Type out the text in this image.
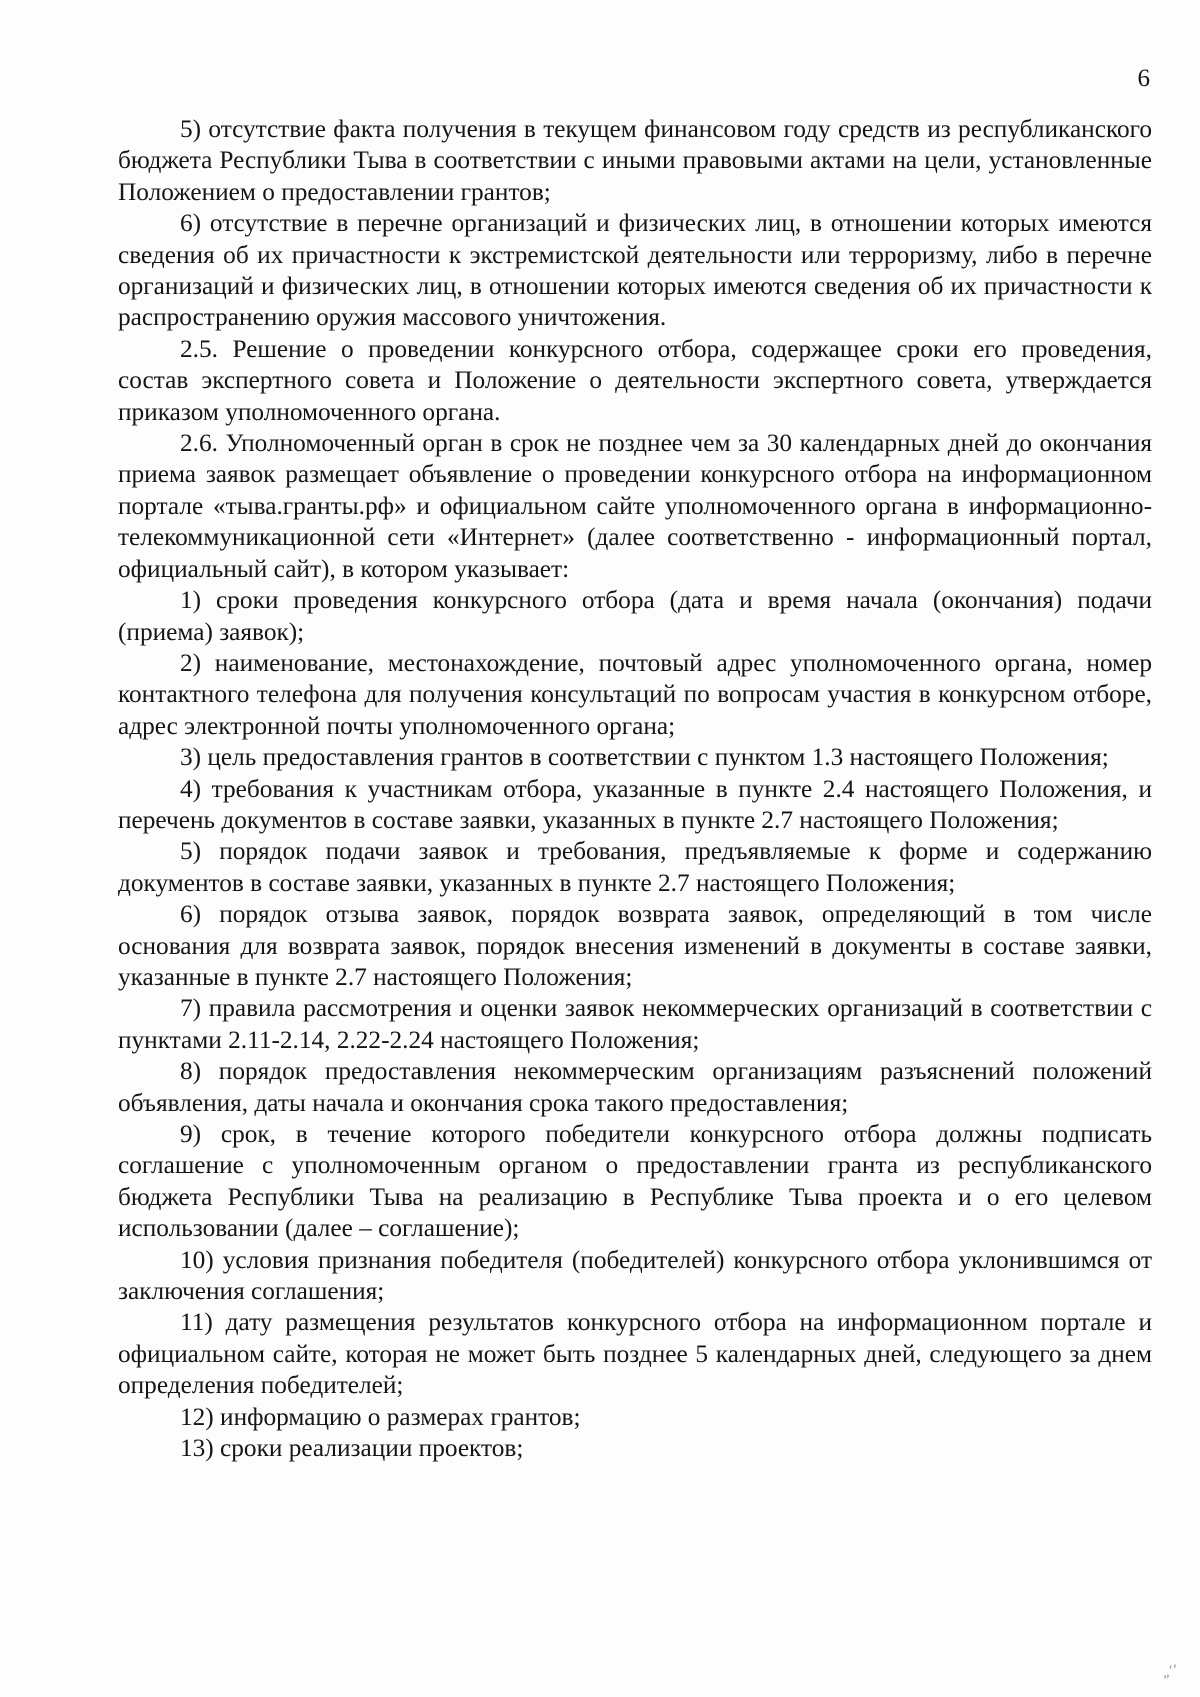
6

5) отсутствие факта получения в текущем финансовом году средств из республиканского бюджета Республики Тыва в соответствии с иными правовыми актами на цели, установленные Положением о предоставлении грантов;

6) отсутствие в перечне организаций и физических лиц, в отношении которых имеются сведения об их причастности к экстремистской деятельности или терроризму, либо в перечне организаций и физических лиц, в отношении которых имеются сведения об их причастности к распространению оружия массового уничтожения.

2.5. Решение о проведении конкурсного отбора, содержащее сроки его проведения, состав экспертного совета и Положение о деятельности экспертного совета, утверждается приказом уполномоченного органа.

2.6. Уполномоченный орган в срок не позднее чем за 30 календарных дней до окончания приема заявок размещает объявление о проведении конкурсного отбора на информационном портале «тыва.гранты.рф» и официальном сайте уполномоченного органа в информационно-телекоммуникационной сети «Интернет» (далее соответственно - информационный портал, официальный сайт), в котором указывает:

1) сроки проведения конкурсного отбора (дата и время начала (окончания) подачи (приема) заявок);

2) наименование, местонахождение, почтовый адрес уполномоченного органа, номер контактного телефона для получения консультаций по вопросам участия в конкурсном отборе, адрес электронной почты уполномоченного органа;

3) цель предоставления грантов в соответствии с пунктом 1.3 настоящего Положения;

4) требования к участникам отбора, указанные в пункте 2.4 настоящего Положения, и перечень документов в составе заявки, указанных в пункте 2.7 настоящего Положения;

5) порядок подачи заявок и требования, предъявляемые к форме и содержанию документов в составе заявки, указанных в пункте 2.7 настоящего Положения;

6) порядок отзыва заявок, порядок возврата заявок, определяющий в том числе основания для возврата заявок, порядок внесения изменений в документы в составе заявки, указанные в пункте 2.7 настоящего Положения;

7) правила рассмотрения и оценки заявок некоммерческих организаций в соответствии с пунктами 2.11-2.14, 2.22-2.24 настоящего Положения;

8) порядок предоставления некоммерческим организациям разъяснений положений объявления, даты начала и окончания срока такого предоставления;

9) срок, в течение которого победители конкурсного отбора должны подписать соглашение с уполномоченным органом о предоставлении гранта из республиканского бюджета Республики Тыва на реализацию в Республике Тыва проекта и о его целевом использовании (далее – соглашение);

10) условия признания победителя (победителей) конкурсного отбора уклонившимся от заключения соглашения;

11) дату размещения результатов конкурсного отбора на информационном портале и официальном сайте, которая не может быть позднее 5 календарных дней, следующего за днем определения победителей;

12) информацию о размерах грантов;

13) сроки реализации проектов;

„’’
